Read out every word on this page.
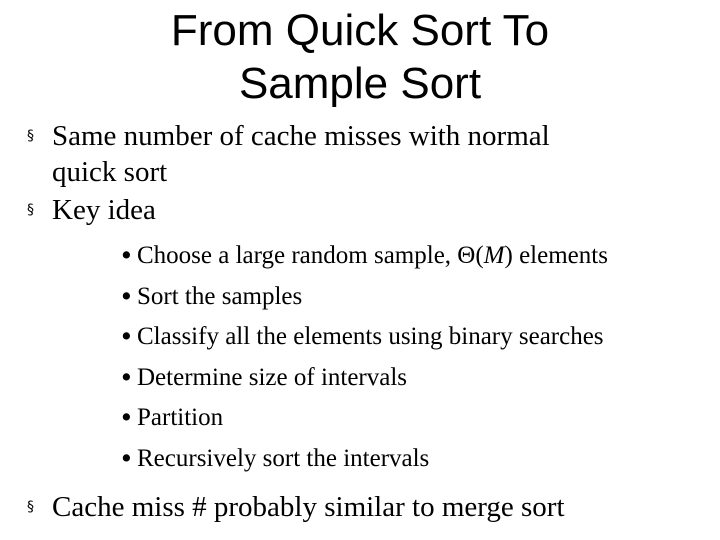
From Quick Sort To
Sample Sort
§ Same number of cache misses with normal
quick sort
§ Key idea
• Choose a large random sample, Θ(M) elements
• Sort the samples
• Classify all the elements using binary searches
• Determine size of intervals
• Partition
• Recursively sort the intervals
§ Cache miss # probably similar to merge sort
